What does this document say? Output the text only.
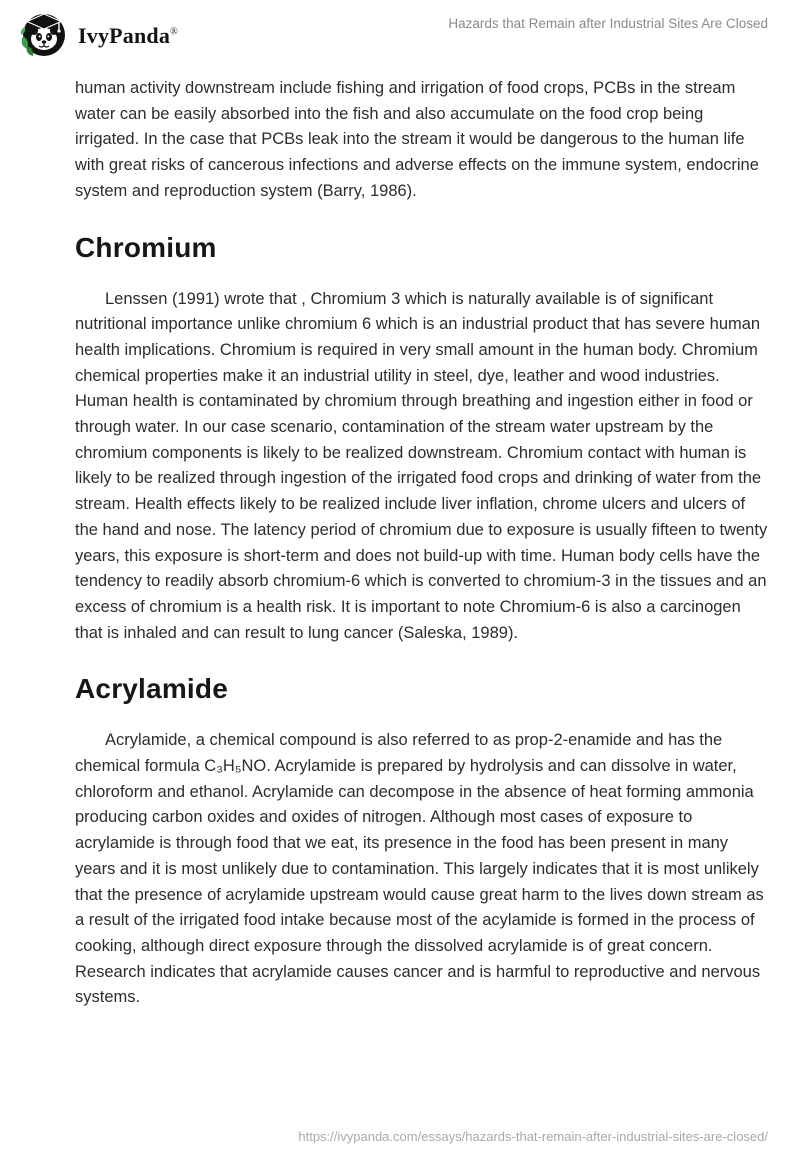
IvyPanda®
Hazards that Remain after Industrial Sites Are Closed

human activity downstream include fishing and irrigation of food crops, PCBs in the stream water can be easily absorbed into the fish and also accumulate on the food crop being irrigated. In the case that PCBs leak into the stream it would be dangerous to the human life with great risks of cancerous infections and adverse effects on the immune system, endocrine system and reproduction system (Barry, 1986).

Chromium

Lenssen (1991) wrote that , Chromium 3 which is naturally available is of significant nutritional importance unlike chromium 6 which is an industrial product that has severe human health implications. Chromium is required in very small amount in the human body. Chromium chemical properties make it an industrial utility in steel, dye, leather and wood industries. Human health is contaminated by chromium through breathing and ingestion either in food or through water. In our case scenario, contamination of the stream water upstream by the chromium components is likely to be realized downstream. Chromium contact with human is likely to be realized through ingestion of the irrigated food crops and drinking of water from the stream. Health effects likely to be realized include liver inflation, chrome ulcers and ulcers of the hand and nose. The latency period of chromium due to exposure is usually fifteen to twenty years, this exposure is short-term and does not build-up with time. Human body cells have the tendency to readily absorb chromium-6 which is converted to chromium-3 in the tissues and an excess of chromium is a health risk. It is important to note Chromium-6 is also a carcinogen that is inhaled and can result to lung cancer (Saleska, 1989).

Acrylamide

Acrylamide, a chemical compound is also referred to as prop-2-enamide and has the chemical formula C₃H₅NO. Acrylamide is prepared by hydrolysis and can dissolve in water, chloroform and ethanol. Acrylamide can decompose in the absence of heat forming ammonia producing carbon oxides and oxides of nitrogen. Although most cases of exposure to acrylamide is through food that we eat, its presence in the food has been present in many years and it is most unlikely due to contamination. This largely indicates that it is most unlikely that the presence of acrylamide upstream would cause great harm to the lives down stream as a result of the irrigated food intake because most of the acylamide is formed in the process of cooking, although direct exposure through the dissolved acrylamide is of great concern. Research indicates that acrylamide causes cancer and is harmful to reproductive and nervous systems.

https://ivypanda.com/essays/hazards-that-remain-after-industrial-sites-are-closed/
